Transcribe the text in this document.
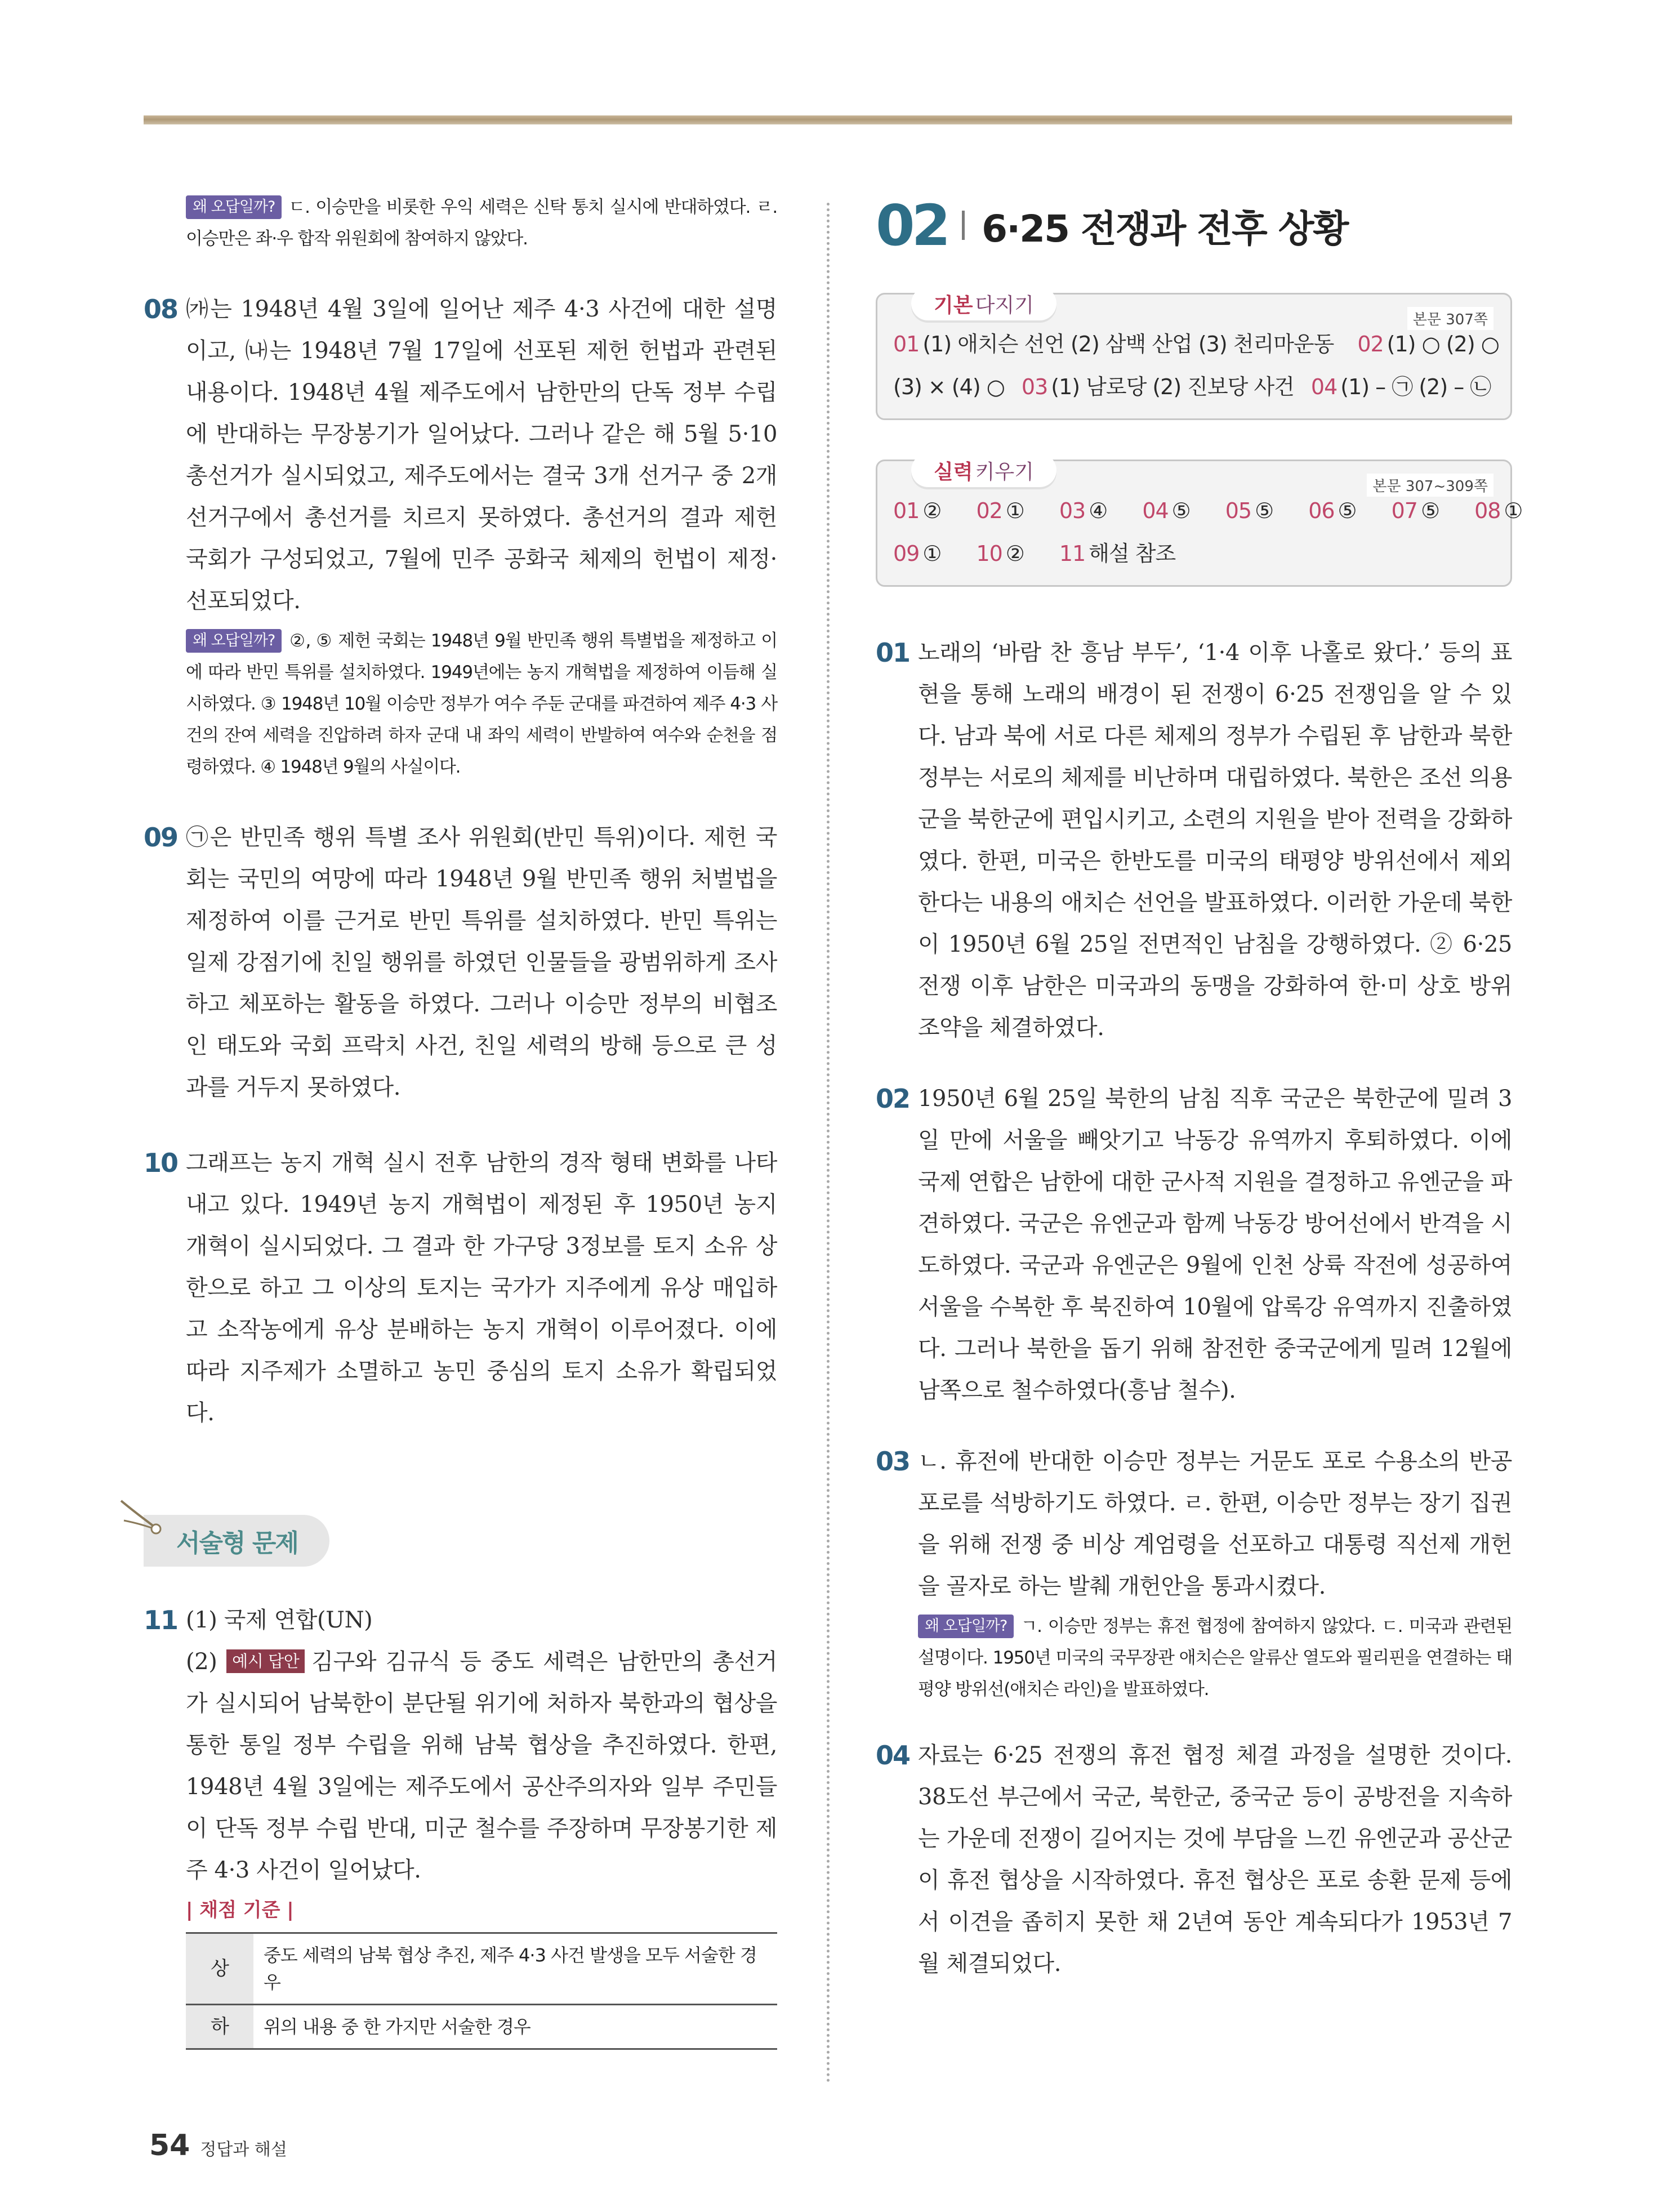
왜 오답일까? ㄷ. 이승만을 비롯한 우익 세력은 신탁 통치 실시에 반대하였다. ㄹ. 이승만은 좌·우 합작 위원회에 참여하지 않았다.
08 ㈎는 1948년 4월 3일에 일어난 제주 4·3 사건에 대한 설명이고, ㈏는 1948년 7월 17일에 선포된 제헌 헌법과 관련된 내용이다. 1948년 4월 제주도에서 남한만의 단독 정부 수립에 반대하는 무장봉기가 일어났다. 그러나 같은 해 5월 5·10 총선거가 실시되었고, 제주도에서는 결국 3개 선거구 중 2개 선거구에서 총선거를 치르지 못하였다. 총선거의 결과 제헌 국회가 구성되었고, 7월에 민주 공화국 체제의 헌법이 제정·선포되었다.
왜 오답일까? ②, ⑤ 제헌 국회는 1948년 9월 반민족 행위 특별법을 제정하고 이에 따라 반민 특위를 설치하였다. 1949년에는 농지 개혁법을 제정하여 이듬해 실시하였다. ③ 1948년 10월 이승만 정부가 여수 주둔 군대를 파견하여 제주 4·3 사건의 잔여 세력을 진압하려 하자 군대 내 좌익 세력이 반발하여 여수와 순천을 점령하였다. ④ 1948년 9월의 사실이다.
09 ㉠은 반민족 행위 특별 조사 위원회(반민 특위)이다. 제헌 국회는 국민의 여망에 따라 1948년 9월 반민족 행위 처벌법을 제정하여 이를 근거로 반민 특위를 설치하였다. 반민 특위는 일제 강점기에 친일 행위를 하였던 인물들을 광범위하게 조사하고 체포하는 활동을 하였다. 그러나 이승만 정부의 비협조인 태도와 국회 프락치 사건, 친일 세력의 방해 등으로 큰 성과를 거두지 못하였다.
10 그래프는 농지 개혁 실시 전후 남한의 경작 형태 변화를 나타내고 있다. 1949년 농지 개혁법이 제정된 후 1950년 농지 개혁이 실시되었다. 그 결과 한 가구당 3정보를 토지 소유 상한으로 하고 그 이상의 토지는 국가가 지주에게 유상 매입하고 소작농에게 유상 분배하는 농지 개혁이 이루어졌다. 이에 따라 지주제가 소멸하고 농민 중심의 토지 소유가 확립되었다.
서술형 문제
11 (1) 국제 연합(UN)
(2) 예시 답안 김구와 김규식 등 중도 세력은 남한만의 총선거가 실시되어 남북한이 분단될 위기에 처하자 북한과의 협상을 통한 통일 정부 수립을 위해 남북 협상을 추진하였다. 한편, 1948년 4월 3일에는 제주도에서 공산주의자와 일부 주민들이 단독 정부 수립 반대, 미군 철수를 주장하며 무장봉기한 제주 4·3 사건이 일어났다.
| 채점 기준 |
상	중도 세력의 남북 협상 추진, 제주 4·3 사건 발생을 모두 서술한 경우
하	위의 내용 중 한 가지만 서술한 경우
02 6·25 전쟁과 전후 상황
기본 다지기
본문 307쪽
01 (1) 애치슨 선언 (2) 삼백 산업 (3) 천리마운동 02 (1) ○ (2) ○
(3) × (4) ○ 03 (1) 남로당 (2) 진보당 사건 04 (1) – ㉠ (2) – ㉡
실력 키우기
본문 307~309쪽
01 ② 02 ① 03 ④ 04 ⑤ 05 ⑤ 06 ⑤ 07 ⑤ 08 ①
09 ① 10 ② 11 해설 참조
01 노래의 ‘바람 찬 흥남 부두’, ‘1·4 이후 나홀로 왔다.’ 등의 표현을 통해 노래의 배경이 된 전쟁이 6·25 전쟁임을 알 수 있다. 남과 북에 서로 다른 체제의 정부가 수립된 후 남한과 북한 정부는 서로의 체제를 비난하며 대립하였다. 북한은 조선 의용군을 북한군에 편입시키고, 소련의 지원을 받아 전력을 강화하였다. 한편, 미국은 한반도를 미국의 태평양 방위선에서 제외한다는 내용의 애치슨 선언을 발표하였다. 이러한 가운데 북한이 1950년 6월 25일 전면적인 남침을 강행하였다. ② 6·25 전쟁 이후 남한은 미국과의 동맹을 강화하여 한·미 상호 방위 조약을 체결하였다.
02 1950년 6월 25일 북한의 남침 직후 국군은 북한군에 밀려 3일 만에 서울을 빼앗기고 낙동강 유역까지 후퇴하였다. 이에 국제 연합은 남한에 대한 군사적 지원을 결정하고 유엔군을 파견하였다. 국군은 유엔군과 함께 낙동강 방어선에서 반격을 시도하였다. 국군과 유엔군은 9월에 인천 상륙 작전에 성공하여 서울을 수복한 후 북진하여 10월에 압록강 유역까지 진출하였다. 그러나 북한을 돕기 위해 참전한 중국군에게 밀려 12월에 남쪽으로 철수하였다(흥남 철수).
03 ㄴ. 휴전에 반대한 이승만 정부는 거문도 포로 수용소의 반공 포로를 석방하기도 하였다. ㄹ. 한편, 이승만 정부는 장기 집권을 위해 전쟁 중 비상 계엄령을 선포하고 대통령 직선제 개헌을 골자로 하는 발췌 개헌안을 통과시켰다.
왜 오답일까? ㄱ. 이승만 정부는 휴전 협정에 참여하지 않았다. ㄷ. 미국과 관련된 설명이다. 1950년 미국의 국무장관 애치슨은 알류산 열도와 필리핀을 연결하는 태평양 방위선(애치슨 라인)을 발표하였다.
04 자료는 6·25 전쟁의 휴전 협정 체결 과정을 설명한 것이다. 38도선 부근에서 국군, 북한군, 중국군 등이 공방전을 지속하는 가운데 전쟁이 길어지는 것에 부담을 느낀 유엔군과 공산군이 휴전 협상을 시작하였다. 휴전 협상은 포로 송환 문제 등에서 이견을 좁히지 못한 채 2년여 동안 계속되다가 1953년 7월 체결되었다.
54 정답과 해설
